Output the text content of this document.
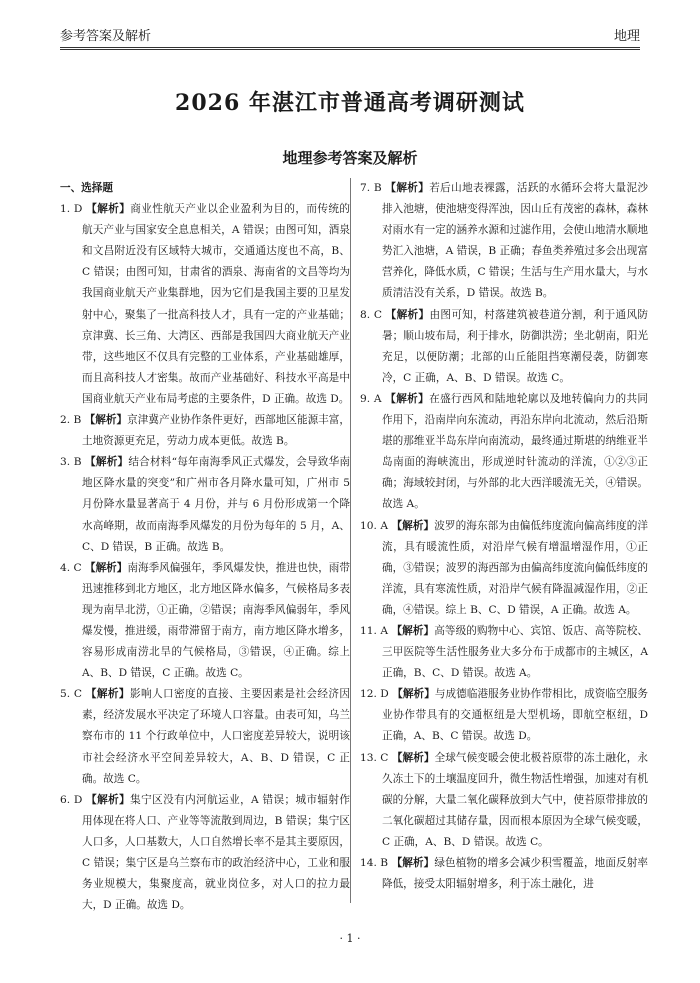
参考答案及解析	地理
2026 年湛江市普通高考调研测试
地理参考答案及解析
一、选择题

1. D 【解析】商业性航天产业以企业盈利为目的，而传统的航天产业与国家安全息息相关，A 错误；由图可知，酒泉和文昌附近没有区域特大城市，交通通达度也不高，B、C 错误；由图可知，甘肃省的酒泉、海南省的文昌等均为我国商业航天产业集群地，因为它们是我国主要的卫星发射中心，聚集了一批高科技人才，具有一定的产业基础；京津冀、长三角、大湾区、西部是我国四大商业航天产业带，这些地区不仅具有完整的工业体系，产业基础雄厚，而且高科技人才密集。故而产业基础好、科技水平高是中国商业航天产业布局考虑的主要条件，D 正确。故选 D。

2. B 【解析】京津冀产业协作条件更好，西部地区能源丰富，土地资源更充足，劳动力成本更低。故选 B。

3. B 【解析】结合材料“每年南海季风正式爆发，会导致华南地区降水量的突变”和广州市各月降水量可知，广州市 5 月份降水量显著高于 4 月份，并与 6 月份形成第一个降水高峰期，故而南海季风爆发的月份为每年的 5 月，A、C、D 错误，B 正确。故选 B。

4. C 【解析】南海季风偏强年，季风爆发快，推进也快，雨带迅速推移到北方地区，北方地区降水偏多，气候格局多表现为南旱北涝，①正确，②错误；南海季风偏弱年，季风爆发慢，推进缓，雨带滞留于南方，南方地区降水增多，容易形成南涝北旱的气候格局，③错误，④正确。综上 A、B、D 错误，C 正确。故选 C。

5. C 【解析】影响人口密度的直接、主要因素是社会经济因素，经济发展水平决定了环境人口容量。由表可知，乌兰察布市的 11 个行政单位中，人口密度差异较大，说明该市社会经济水平空间差异较大，A、B、D 错误，C 正确。故选 C。

6. D 【解析】集宁区没有内河航运业，A 错误；城市辐射作用体现在将人口、产业等等流散到周边，B 错误；集宁区人口多，人口基数大，人口自然增长率不是其主要原因，C 错误；集宁区是乌兰察布市的政治经济中心，工业和服务业规模大，集聚度高，就业岗位多，对人口的拉力最大，D 正确。故选 D。

7. B 【解析】若后山地表裸露，活跃的水循环会将大量泥沙排入池塘，使池塘变得浑浊，因山丘有茂密的森林，森林对雨水有一定的涵养水源和过滤作用，会使山地清水顺地势汇入池塘，A 错误，B 正确；春鱼类养殖过多会出现富营养化，降低水质，C 错误；生活与生产用水量大，与水质清洁没有关系，D 错误。故选 B。

8. C 【解析】由图可知，村落建筑被巷道分割，利于通风防暑；顺山坡布局，利于排水，防御洪涝；坐北朝南，阳光充足，以便防潮；北部的山丘能阻挡寒潮侵袭，防御寒冷，C 正确，A、B、D 错误。故选 C。

9. A 【解析】在盛行西风和陆地轮廓以及地转偏向力的共同作用下，沿南岸向东流动，再沿东岸向北流动，然后沿斯堪的那维亚半岛东岸向南流动，最终通过斯堪的纳维亚半岛南面的海峡流出，形成逆时针流动的洋流，①②③正确；海域较封闭，与外部的北大西洋暖流无关，④错误。故选 A。

10. A 【解析】波罗的海东部为由偏低纬度流向偏高纬度的洋流，具有暖流性质，对沿岸气候有增温增湿作用，①正确，③错误；波罗的海西部为由偏高纬度流向偏低纬度的洋流，具有寒流性质，对沿岸气候有降温减湿作用，②正确，④错误。综上 B、C、D 错误，A 正确。故选 A。

11. A 【解析】高等级的购物中心、宾馆、饭店、高等院校、三甲医院等生活性服务业大多分布于成都市的主城区，A 正确，B、C、D 错误。故选 A。

12. D 【解析】与成德临港服务业协作带相比，成资临空服务业协作带具有的交通枢纽是大型机场，即航空枢纽，D 正确，A、B、C 错误。故选 D。

13. C 【解析】全球气候变暖会使北极苔原带的冻土融化，永久冻土下的土壤温度回升，微生物活性增强，加速对有机碳的分解，大量二氧化碳释放到大气中，使苔原带排放的二氧化碳超过其储存量，因而根本原因为全球气候变暖，C 正确，A、B、D 错误。故选 C。

14. B 【解析】绿色植物的增多会减少积雪覆盖，地面反射率降低，接受太阳辐射增多，利于冻土融化，进

· 1 ·
